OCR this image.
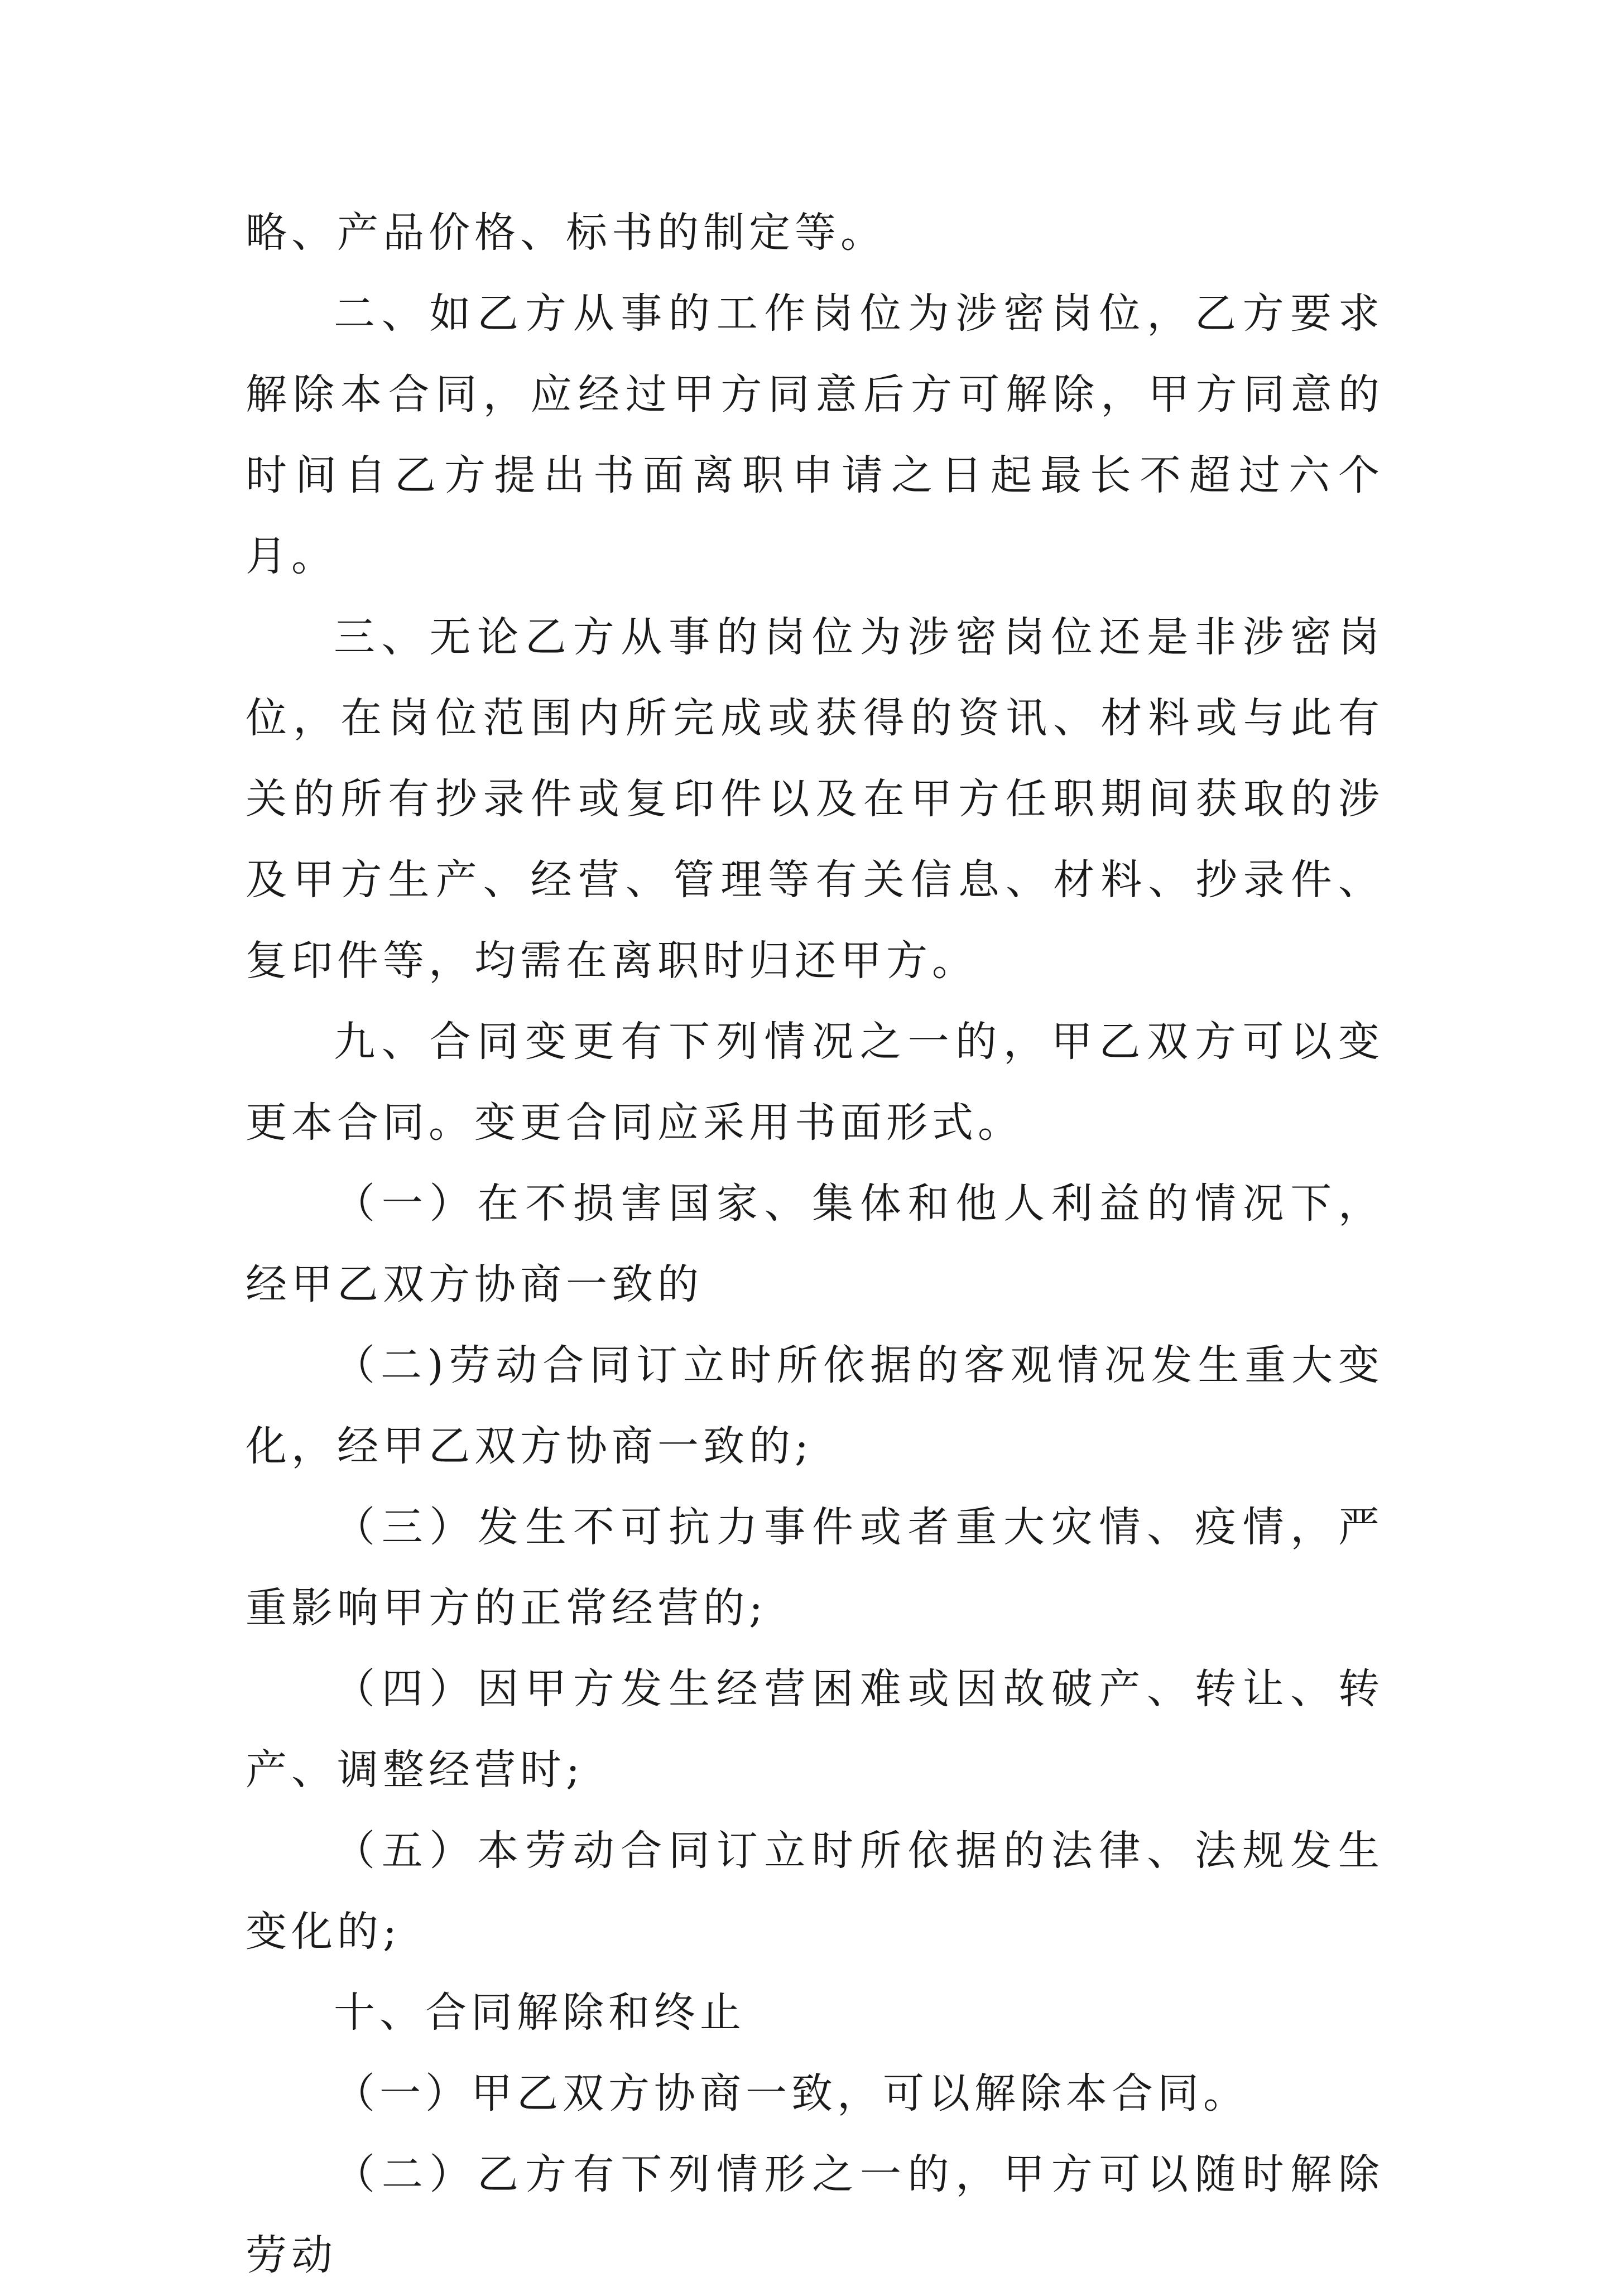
略、产品价格、标书的制定等。

二、如乙方从事的工作岗位为涉密岗位，乙方要求解除本合同，应经过甲方同意后方可解除，甲方同意的时间自乙方提出书面离职申请之日起最长不超过六个月。

三、无论乙方从事的岗位为涉密岗位还是非涉密岗位，在岗位范围内所完成或获得的资讯、材料或与此有关的所有抄录件或复印件以及在甲方任职期间获取的涉及甲方生产、经营、管理等有关信息、材料、抄录件、复印件等，均需在离职时归还甲方。

九、合同变更有下列情况之一的，甲乙双方可以变更本合同。变更合同应采用书面形式。

（一）在不损害国家、集体和他人利益的情况下，经甲乙双方协商一致的

（二)劳动合同订立时所依据的客观情况发生重大变化，经甲乙双方协商一致的;

（三）发生不可抗力事件或者重大灾情、疫情，严重影响甲方的正常经营的;

（四）因甲方发生经营困难或因故破产、转让、转产、调整经营时;

（五）本劳动合同订立时所依据的法律、法规发生变化的;

十、合同解除和终止

（一）甲乙双方协商一致，可以解除本合同。

（二）乙方有下列情形之一的，甲方可以随时解除劳动
